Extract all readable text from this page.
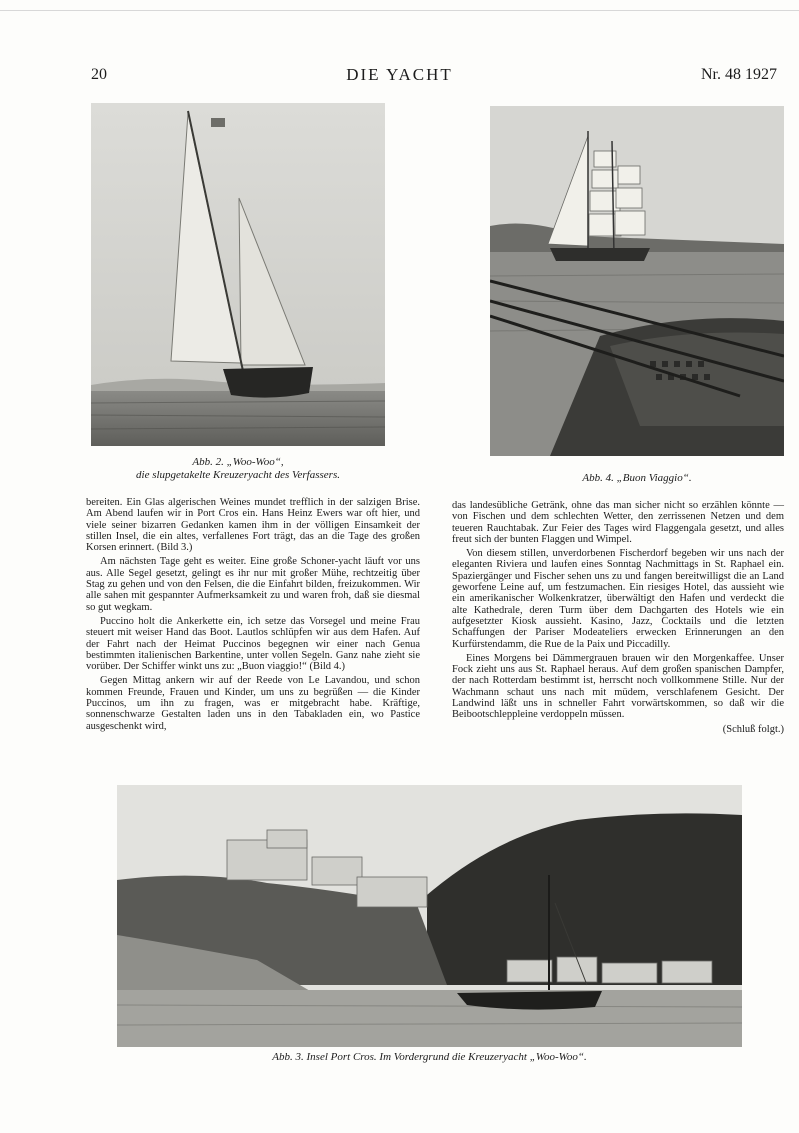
20	DIE YACHT	Nr. 48 1927
Abb. 2. „Woo-Woo“,
die slupgetakelte Kreuzeryacht des Verfassers.	Abb. 4. „Buon Viaggio“.

bereiten. Ein Glas algerischen Weines mundet trefflich in der salzigen Brise. Am Abend laufen wir in Port Cros ein. Hans Heinz Ewers war oft hier, und viele seiner bizarren Gedanken kamen ihm in der völligen Einsamkeit der stillen Insel, die ein altes, verfallenes Fort trägt, das an die Tage des großen Korsen erinnert. (Bild 3.)

Am nächsten Tage geht es weiter. Eine große Schoner-yacht läuft vor uns aus. Alle Segel gesetzt, gelingt es ihr nur mit großer Mühe, rechtzeitig über Stag zu gehen und von den Felsen, die die Einfahrt bilden, freizukommen. Wir alle sahen mit gespannter Aufmerksamkeit zu und waren froh, daß sie diesmal so gut wegkam.

Puccino holt die Ankerkette ein, ich setze das Vorsegel und meine Frau steuert mit weiser Hand das Boot. Lautlos schlüpfen wir aus dem Hafen. Auf der Fahrt nach der Heimat Puccinos begegnen wir einer nach Genua bestimmten italienischen Barkentine, unter vollen Segeln. Ganz nahe zieht sie vorüber. Der Schiffer winkt uns zu: „Buon viaggio!“ (Bild 4.)

Gegen Mittag ankern wir auf der Reede von Le Lavandou, und schon kommen Freunde, Frauen und Kinder, um uns zu begrüßen — die Kinder Puccinos, um ihn zu fragen, was er mitgebracht habe. Kräftige, sonnenschwarze Gestalten laden uns in den Tabakladen ein, wo Pastice ausgeschenkt wird,

das landesübliche Getränk, ohne das man sicher nicht so erzählen könnte — von Fischen und dem schlechten Wetter, den zerrissenen Netzen und dem teueren Rauchtabak. Zur Feier des Tages wird Flaggengala gesetzt, und alles freut sich der bunten Flaggen und Wimpel.

Von diesem stillen, unverdorbenen Fischerdorf begeben wir uns nach der eleganten Riviera und laufen eines Sonntag Nachmittags in St. Raphael ein. Spaziergänger und Fischer sehen uns zu und fangen bereitwilligst die an Land geworfene Leine auf, um festzumachen. Ein riesiges Hotel, das aussieht wie ein amerikanischer Wolkenkratzer, überwältigt den Hafen und verdeckt die alte Kathedrale, deren Turm über dem Dachgarten des Hotels wie ein aufgesetzter Kiosk aussieht. Kasino, Jazz, Cocktails und die letzten Schaffungen der Pariser Modeateliers erwecken Erinnerungen an den Kurfürstendamm, die Rue de la Paix und Piccadilly.

Eines Morgens bei Dämmergrauen brauen wir den Morgenkaffee. Unser Fock zieht uns aus St. Raphael heraus. Auf dem großen spanischen Dampfer, der nach Rotterdam bestimmt ist, herrscht noch vollkommene Stille. Nur der Wachmann schaut uns nach mit müdem, verschlafenem Gesicht. Der Landwind läßt uns in schneller Fahrt vorwärtskommen, so daß wir die Beibootschleppleine verdoppeln müssen.

(Schluß folgt.)

Abb. 3. Insel Port Cros. Im Vordergrund die Kreuzeryacht „Woo-Woo“.
